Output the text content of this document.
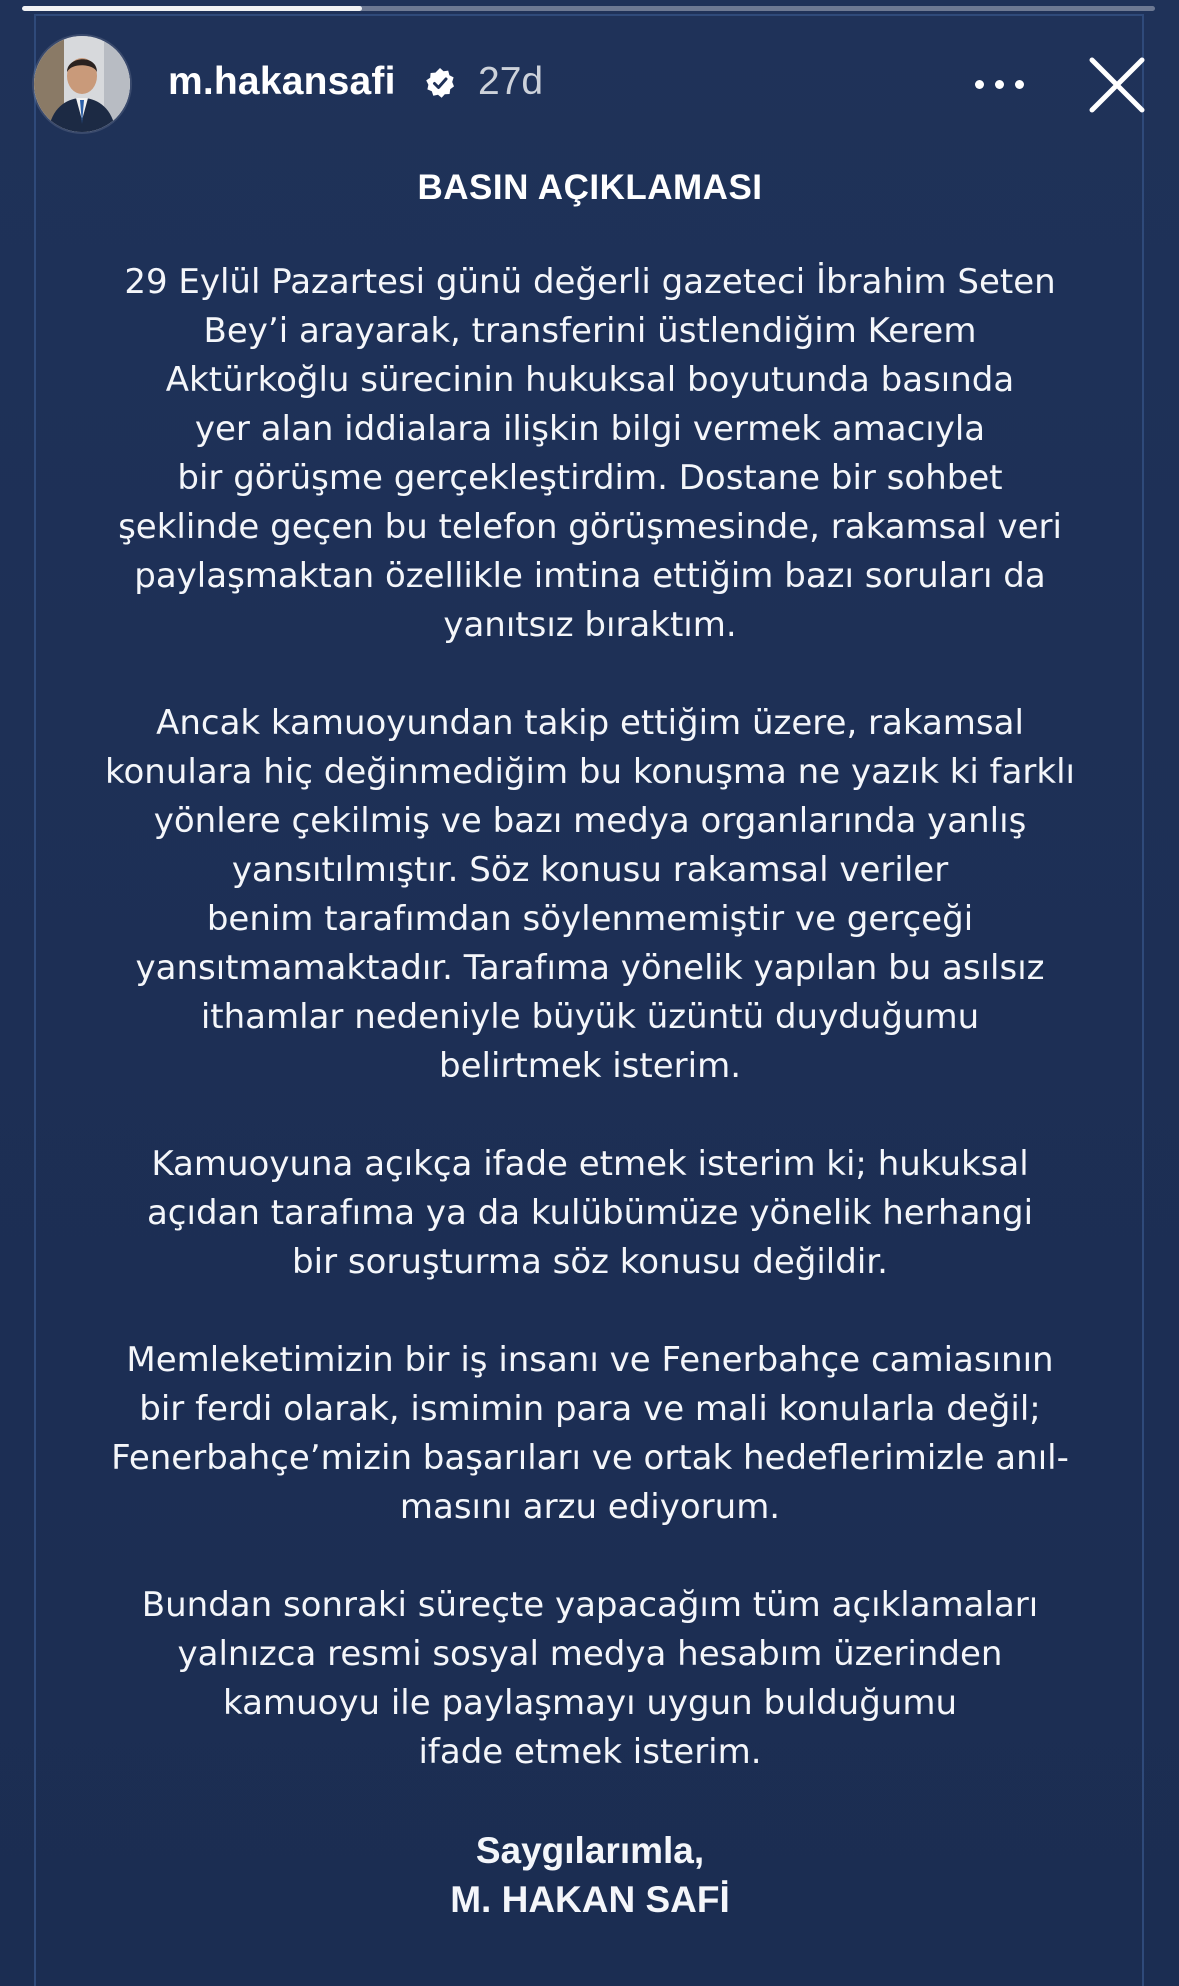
m.hakansafi 27d
BASIN AÇIKLAMASI
29 Eylül Pazartesi günü değerli gazeteci İbrahim Seten
Bey’i arayarak, transferini üstlendiğim Kerem
Aktürkoğlu sürecinin hukuksal boyutunda basında
yer alan iddialara ilişkin bilgi vermek amacıyla
bir görüşme gerçekleştirdim. Dostane bir sohbet
şeklinde geçen bu telefon görüşmesinde, rakamsal veri
paylaşmaktan özellikle imtina ettiğim bazı soruları da
yanıtsız bıraktım.
Ancak kamuoyundan takip ettiğim üzere, rakamsal
konulara hiç değinmediğim bu konuşma ne yazık ki farklı
yönlere çekilmiş ve bazı medya organlarında yanlış
yansıtılmıştır. Söz konusu rakamsal veriler
benim tarafımdan söylenmemiştir ve gerçeği
yansıtmamaktadır. Tarafıma yönelik yapılan bu asılsız
ithamlar nedeniyle büyük üzüntü duyduğumu
belirtmek isterim.
Kamuoyuna açıkça ifade etmek isterim ki; hukuksal
açıdan tarafıma ya da kulübümüze yönelik herhangi
bir soruşturma söz konusu değildir.
Memleketimizin bir iş insanı ve Fenerbahçe camiasının
bir ferdi olarak, ismimin para ve mali konularla değil;
Fenerbahçe’mizin başarıları ve ortak hedeflerimizle anıl-
masını arzu ediyorum.
Bundan sonraki süreçte yapacağım tüm açıklamaları
yalnızca resmi sosyal medya hesabım üzerinden
kamuoyu ile paylaşmayı uygun bulduğumu
ifade etmek isterim.
Saygılarımla,
M. HAKAN SAFİ
